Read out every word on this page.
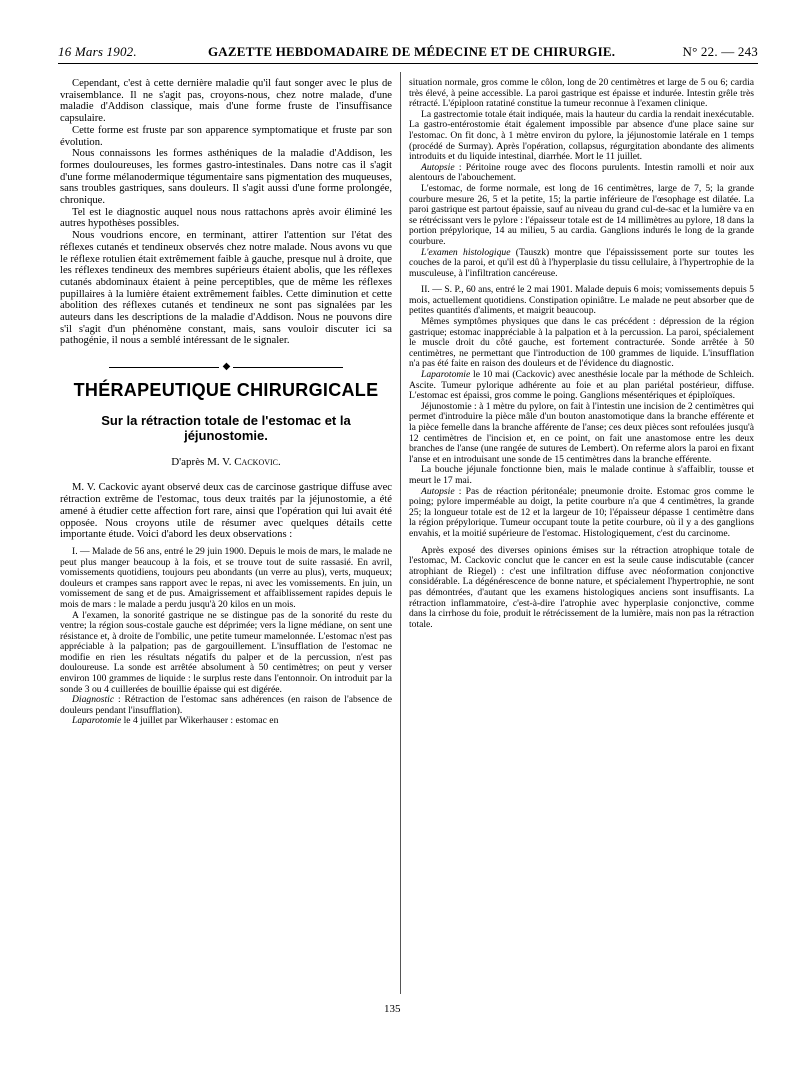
16 Mars 1902.	GAZETTE HEBDOMADAIRE DE MÉDECINE ET DE CHIRURGIE.	N° 22. — 243

Cependant, c'est à cette dernière maladie qu'il faut songer avec le plus de vraisemblance. Il ne s'agit pas, croyons-nous, chez notre malade, d'une maladie d'Addison classique, mais d'une forme fruste de l'insuffisance capsulaire.

Cette forme est fruste par son apparence symptomatique et fruste par son évolution.

Nous connaissons les formes asthéniques de la maladie d'Addison, les formes douloureuses, les formes gastro-intestinales. Dans notre cas il s'agit d'une forme mélanodermique tégumentaire sans pigmentation des muqueuses, sans troubles gastriques, sans douleurs. Il s'agit aussi d'une forme prolongée, chronique.

Tel est le diagnostic auquel nous nous rattachons après avoir éliminé les autres hypothèses possibles.

Nous voudrions encore, en terminant, attirer l'attention sur l'état des réflexes cutanés et tendineux observés chez notre malade. Nous avons vu que le réflexe rotulien était extrêmement faible à gauche, presque nul à droite, que les réflexes tendineux des membres supérieurs étaient abolis, que les réflexes cutanés abdominaux étaient à peine perceptibles, que de même les réflexes pupillaires à la lumière étaient extrêmement faibles. Cette diminution et cette abolition des réflexes cutanés et tendineux ne sont pas signalées par les auteurs dans les descriptions de la maladie d'Addison. Nous ne pouvons dire s'il s'agit d'un phénomène constant, mais, sans vouloir discuter ici sa pathogénie, il nous a semblé intéressant de le signaler.

◆
THÉRAPEUTIQUE CHIRURGICALE
Sur la rétraction totale de l'estomac et la jéjunostomie.
D'après M. V. Cackovic.

M. V. Cackovic ayant observé deux cas de carcinose gastrique diffuse avec rétraction extrême de l'estomac, tous deux traités par la jéjunostomie, a été amené à étudier cette affection fort rare, ainsi que l'opération qui lui avait été opposée. Nous croyons utile de résumer avec quelques détails cette importante étude. Voici d'abord les deux observations :

I. — Malade de 56 ans, entré le 29 juin 1900. Depuis le mois de mars, le malade ne peut plus manger beaucoup à la fois, et se trouve tout de suite rassasié. En avril, vomissements quotidiens, toujours peu abondants (un verre au plus), verts, muqueux; douleurs et crampes sans rapport avec le repas, ni avec les vomissements. En juin, un vomissement de sang et de pus. Amaigrissement et affaiblissement rapides depuis le mois de mars : le malade a perdu jusqu'à 20 kilos en un mois.

A l'examen, la sonorité gastrique ne se distingue pas de la sonorité du reste du ventre; la région sous-costale gauche est déprimée; vers la ligne médiane, on sent une résistance et, à droite de l'ombilic, une petite tumeur mamelonnée. L'estomac n'est pas appréciable à la palpation; pas de gargouillement. L'insufflation de l'estomac ne modifie en rien les résultats négatifs du palper et de la percussion, n'est pas douloureuse. La sonde est arrêtée absolument à 50 centimètres; on peut y verser environ 100 grammes de liquide : le surplus reste dans l'entonnoir. On introduit par la sonde 3 ou 4 cuillerées de bouillie épaisse qui est digérée.

Diagnostic : Rétraction de l'estomac sans adhérences (en raison de l'absence de douleurs pendant l'insufflation).

Laparotomie le 4 juillet par Wikerhauser : estomac en

situation normale, gros comme le côlon, long de 20 centimètres et large de 5 ou 6; cardia très élevé, à peine accessible. La paroi gastrique est épaisse et indurée. Intestin grêle très rétracté. L'épiploon ratatiné constitue la tumeur reconnue à l'examen clinique.

La gastrectomie totale était indiquée, mais la hauteur du cardia la rendait inexécutable. La gastro-entérostomie était également impossible par absence d'une place saine sur l'estomac. On fit donc, à 1 mètre environ du pylore, la jéjunostomie latérale en 1 temps (procédé de Surmay). Après l'opération, collapsus, régurgitation abondante des aliments introduits et du liquide intestinal, diarrhée. Mort le 11 juillet.

Autopsie : Péritoine rouge avec des flocons purulents. Intestin ramolli et noir aux alentours de l'abouchement.

L'estomac, de forme normale, est long de 16 centimètres, large de 7, 5; la grande courbure mesure 26, 5 et la petite, 15; la partie inférieure de l'œsophage est dilatée. La paroi gastrique est partout épaissie, sauf au niveau du grand cul-de-sac et la lumière va en se rétrécissant vers le pylore : l'épaisseur totale est de 14 millimètres au pylore, 18 dans la portion prépylorique, 14 au milieu, 5 au cardia. Ganglions indurés le long de la grande courbure.

L'examen histologique (Tauszk) montre que l'épaississement porte sur toutes les couches de la paroi, et qu'il est dû à l'hyperplasie du tissu cellulaire, à l'hypertrophie de la musculeuse, à l'infiltration cancéreuse.

II. — S. P., 60 ans, entré le 2 mai 1901. Malade depuis 6 mois; vomissements depuis 5 mois, actuellement quotidiens. Constipation opiniâtre. Le malade ne peut absorber que de petites quantités d'aliments, et maigrit beaucoup.

Mêmes symptômes physiques que dans le cas précédent : dépression de la région gastrique; estomac inappréciable à la palpation et à la percussion. La paroi, spécialement le muscle droit du côté gauche, est fortement contracturée. Sonde arrêtée à 50 centimètres, ne permettant que l'introduction de 100 grammes de liquide. L'insufflation n'a pas été faite en raison des douleurs et de l'évidence du diagnostic.

Laparotomie le 10 mai (Cackovic) avec anesthésie locale par la méthode de Schleich. Ascite. Tumeur pylorique adhérente au foie et au plan pariétal postérieur, diffuse. L'estomac est épaissi, gros comme le poing. Ganglions mésentériques et épiploïques.

Jéjunostomie : à 1 mètre du pylore, on fait à l'intestin une incision de 2 centimètres qui permet d'introduire la pièce mâle d'un bouton anastomotique dans la branche efférente et la pièce femelle dans la branche afférente de l'anse; ces deux pièces sont refoulées jusqu'à 12 centimètres de l'incision et, en ce point, on fait une anastomose entre les deux branches de l'anse (une rangée de sutures de Lembert). On referme alors la paroi en fixant l'anse et en introduisant une sonde de 15 centimètres dans la branche efférente.

La bouche jéjunale fonctionne bien, mais le malade continue à s'affaiblir, tousse et meurt le 17 mai.

Autopsie : Pas de réaction péritonéale; pneumonie droite. Estomac gros comme le poing; pylore imperméable au doigt, la petite courbure n'a que 4 centimètres, la grande 25; la longueur totale est de 12 et la largeur de 10; l'épaisseur dépasse 1 centimètre dans la région prépylorique. Tumeur occupant toute la petite courbure, où il y a des ganglions envahis, et la moitié supérieure de l'estomac. Histologiquement, c'est du carcinome.

Après exposé des diverses opinions émises sur la rétraction atrophique totale de l'estomac, M. Cackovic conclut que le cancer en est la seule cause indiscutable (cancer atrophiant de Riegel) : c'est une infiltration diffuse avec néoformation conjonctive considérable. La dégénérescence de bonne nature, et spécialement l'hypertrophie, ne sont pas démontrées, d'autant que les examens histologiques anciens sont insuffisants. La rétraction inflammatoire, c'est-à-dire l'atrophie avec hyperplasie conjonctive, comme dans la cirrhose du foie, produit le rétrécissement de la lumière, mais non pas la rétraction totale.

135
